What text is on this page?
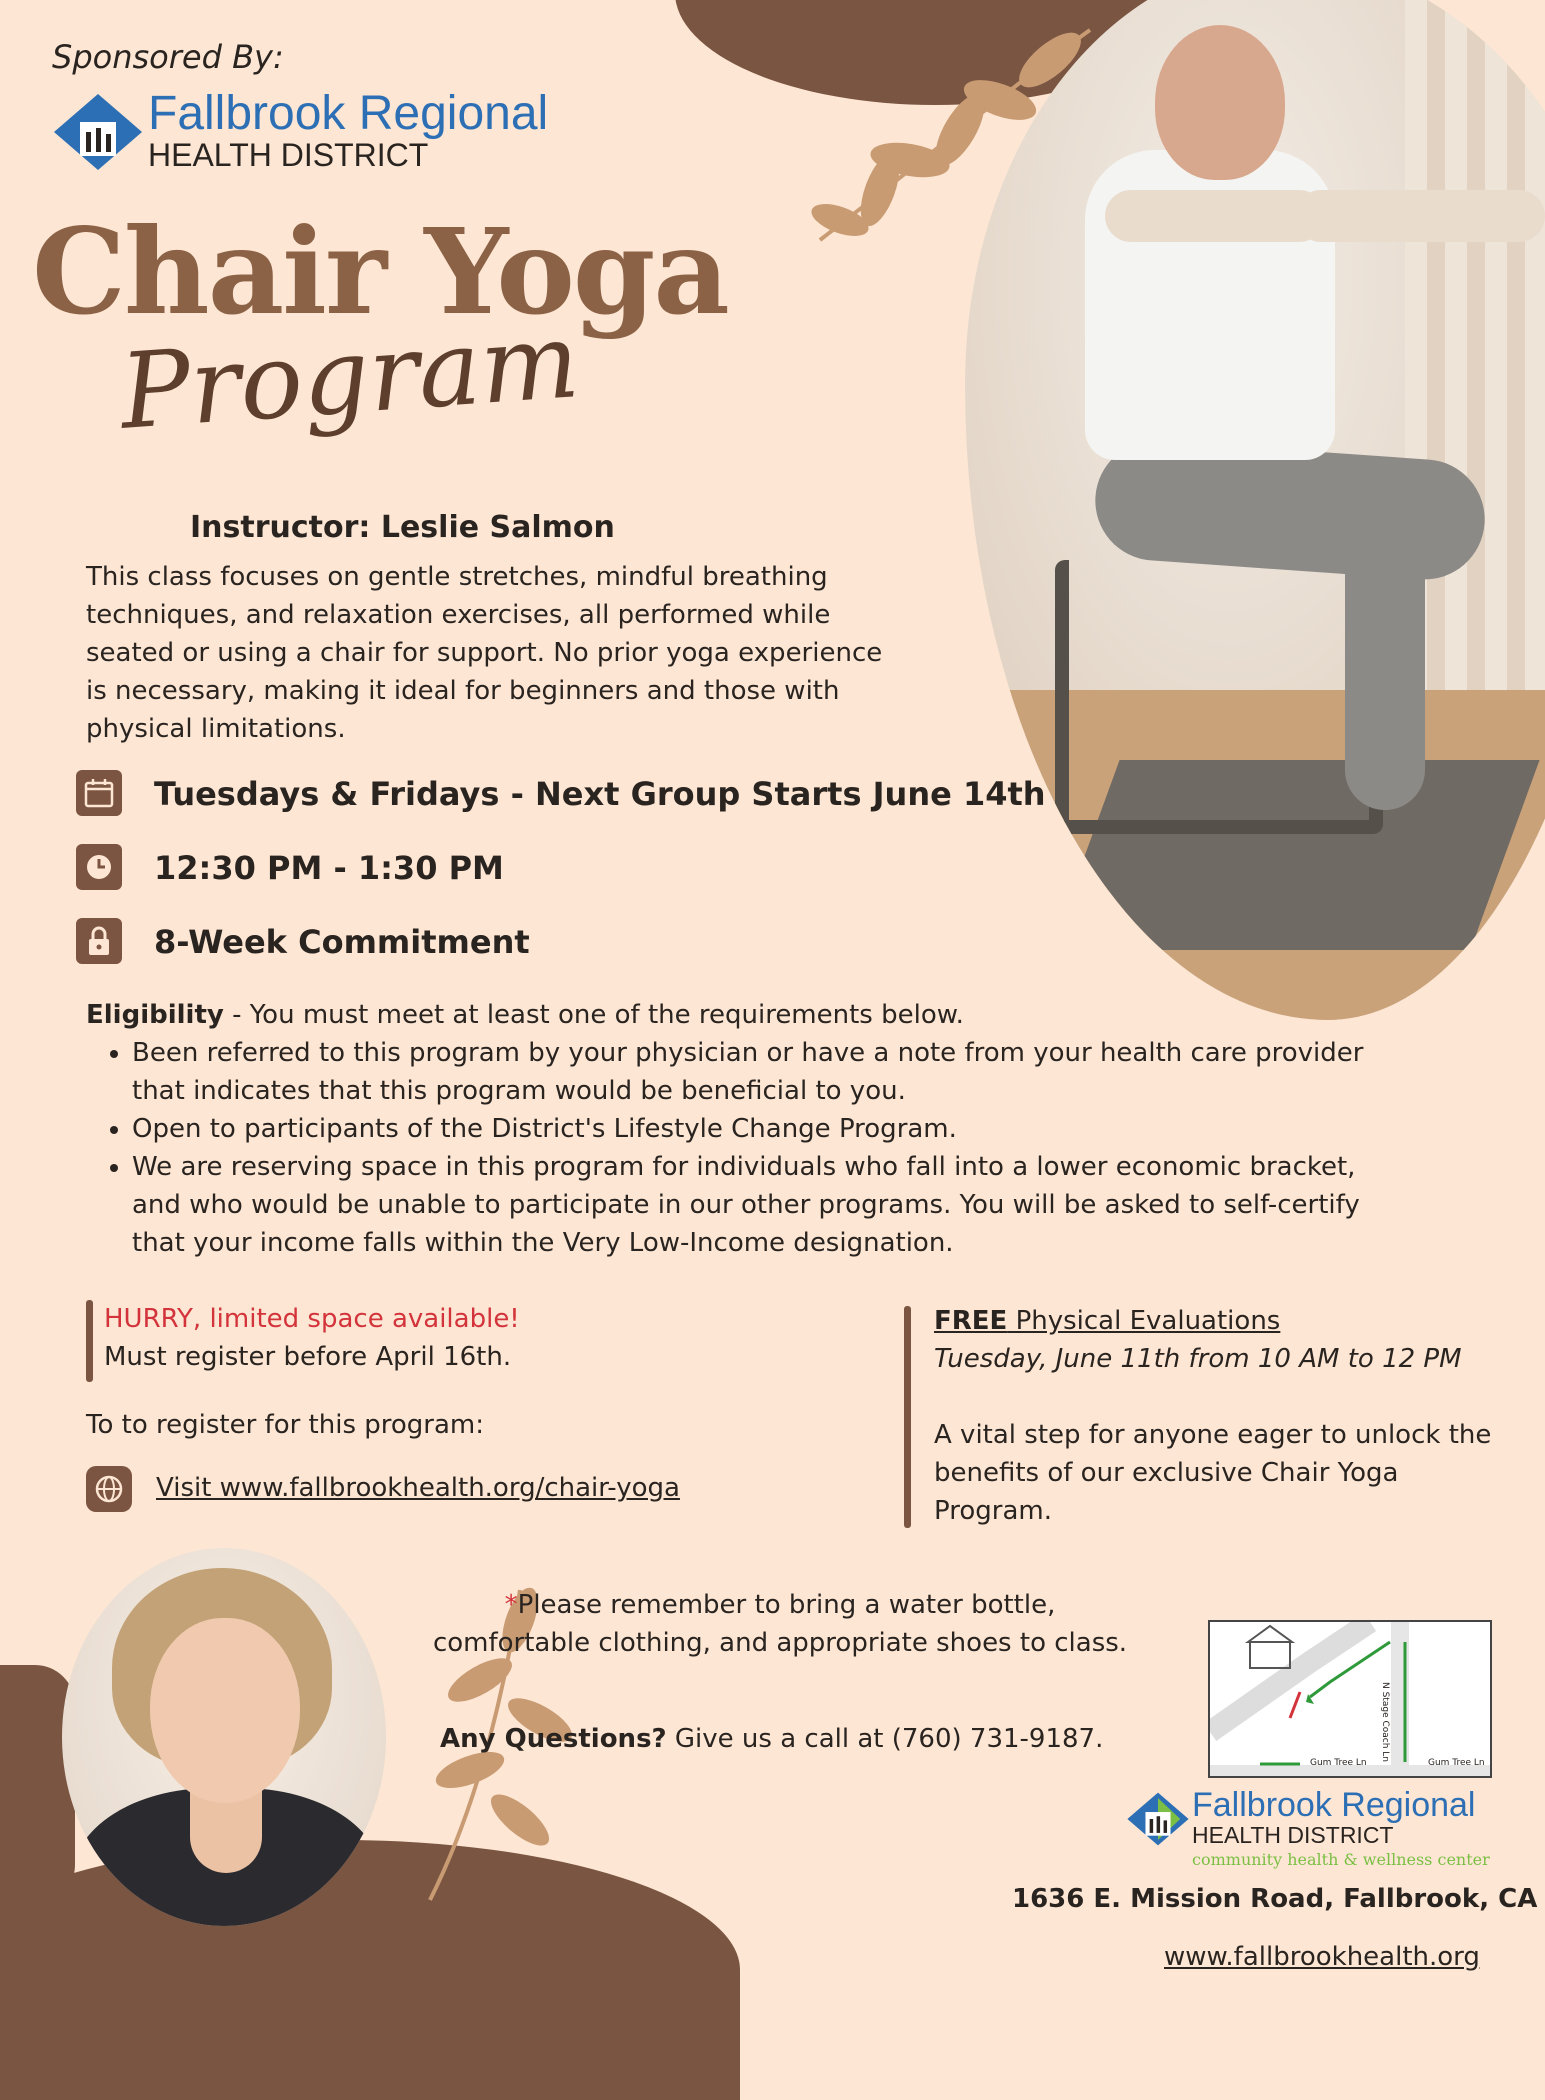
Sponsored By:
Fallbrook Regional
HEALTH DISTRICT
Chair Yoga
Program
Instructor: Leslie Salmon
This class focuses on gentle stretches, mindful breathing techniques, and relaxation exercises, all performed while seated or using a chair for support. No prior yoga experience is necessary, making it ideal for beginners and those with physical limitations.
Tuesdays & Fridays - Next Group Starts June 14th
12:30 PM - 1:30 PM
8-Week Commitment
Eligibility - You must meet at least one of the requirements below.
• Been referred to this program by your physician or have a note from your health care provider that indicates that this program would be beneficial to you.
• Open to participants of the District's Lifestyle Change Program.
• We are reserving space in this program for individuals who fall into a lower economic bracket, and who would be unable to participate in our other programs. You will be asked to self-certify that your income falls within the Very Low-Income designation.
HURRY, limited space available!
Must register before April 16th.
To to register for this program:
Visit www.fallbrookhealth.org/chair-yoga
FREE Physical Evaluations
Tuesday, June 11th from 10 AM to 12 PM
A vital step for anyone eager to unlock the benefits of our exclusive Chair Yoga Program.
*Please remember to bring a water bottle,
comfortable clothing, and appropriate shoes to class.
Any Questions? Give us a call at (760) 731-9187.
Gum Tree Ln	Gum Tree Ln
N Stage Coach Ln
Fallbrook Regional
HEALTH DISTRICT
community health & wellness center
1636 E. Mission Road, Fallbrook, CA
www.fallbrookhealth.org
